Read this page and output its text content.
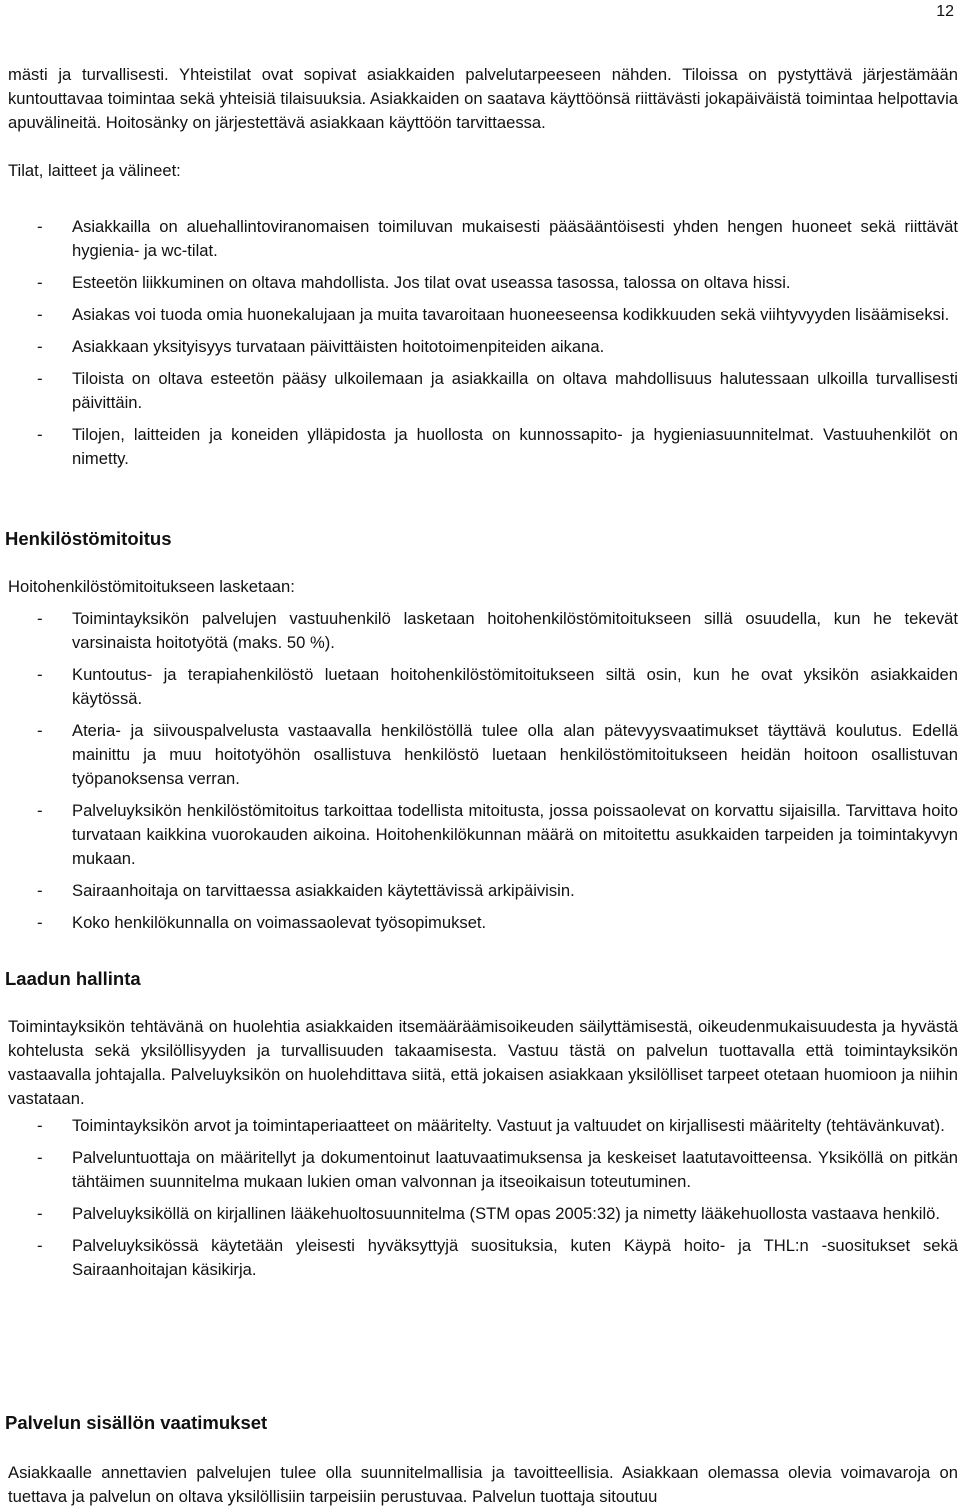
12

mästi ja turvallisesti. Yhteistilat ovat sopivat asiakkaiden palvelutarpeeseen nähden. Tiloissa on pystyttävä järjestämään kuntouttavaa toimintaa sekä yhteisiä tilaisuuksia. Asiakkaiden on saatava käyttöönsä riittävästi jokapäiväistä toimintaa helpottavia apuvälineitä. Hoitosänky on järjestettävä asiakkaan käyttöön tarvittaessa.

Tilat, laitteet ja välineet:
- Asiakkailla on aluehallintoviranomaisen toimiluvan mukaisesti pääsääntöisesti yhden hengen huoneet sekä riittävät hygienia- ja wc-tilat.
- Esteetön liikkuminen on oltava mahdollista. Jos tilat ovat useassa tasossa, talossa on oltava hissi.
- Asiakas voi tuoda omia huonekalujaan ja muita tavaroitaan huoneeseensa kodikkuuden sekä viihtyvyyden lisäämiseksi.
- Asiakkaan yksityisyys turvataan päivittäisten hoitotoimenpiteiden aikana.
- Tiloista on oltava esteetön pääsy ulkoilemaan ja asiakkailla on oltava mahdollisuus halutessaan ulkoilla turvallisesti päivittäin.
- Tilojen, laitteiden ja koneiden ylläpidosta ja huollosta on kunnossapito- ja hygieniasuunnitelmat. Vastuuhenkilöt on nimetty.
Henkilöstömitoitus
Hoitohenkilöstömitoitukseen lasketaan:
- Toimintayksikön palvelujen vastuuhenkilö lasketaan hoitohenkilöstömitoitukseen sillä osuudella, kun he tekevät varsinaista hoitotyötä (maks. 50 %).
- Kuntoutus- ja terapiahenkilöstö luetaan hoitohenkilöstömitoitukseen siltä osin, kun he ovat yksikön asiakkaiden käytössä.
- Ateria- ja siivouspalvelusta vastaavalla henkilöstöllä tulee olla alan pätevyysvaatimukset täyttävä koulutus. Edellä mainittu ja muu hoitotyöhön osallistuva henkilöstö luetaan henkilöstömitoitukseen heidän hoitoon osallistuvan työpanoksensa verran.
- Palveluyksikön henkilöstömitoitus tarkoittaa todellista mitoitusta, jossa poissaolevat on korvattu sijaisilla. Tarvittava hoito turvataan kaikkina vuorokauden aikoina. Hoitohenkilökunnan määrä on mitoitettu asukkaiden tarpeiden ja toimintakyvyn mukaan.
- Sairaanhoitaja on tarvittaessa asiakkaiden käytettävissä arkipäivisin.
- Koko henkilökunnalla on voimassaolevat työsopimukset.
Laadun hallinta

Toimintayksikön tehtävänä on huolehtia asiakkaiden itsemääräämisoikeuden säilyttämisestä, oikeudenmukaisuudesta ja hyvästä kohtelusta sekä yksilöllisyyden ja turvallisuuden takaamisesta. Vastuu tästä on palvelun tuottavalla että toimintayksikön vastaavalla johtajalla. Palveluyksikön on huolehdittava siitä, että jokaisen asiakkaan yksilölliset tarpeet otetaan huomioon ja niihin vastataan.

- Toimintayksikön arvot ja toimintaperiaatteet on määritelty. Vastuut ja valtuudet on kirjallisesti määritelty (tehtävänkuvat).
- Palveluntuottaja on määritellyt ja dokumentoinut laatuvaatimuksensa ja keskeiset laatutavoitteensa. Yksiköllä on pitkän tähtäimen suunnitelma mukaan lukien oman valvonnan ja itseoikaisun toteutuminen.
- Palveluyksiköllä on kirjallinen lääkehuoltosuunnitelma (STM opas 2005:32) ja nimetty lääkehuollosta vastaava henkilö.
- Palveluyksikössä käytetään yleisesti hyväksyttyjä suosituksia, kuten Käypä hoito- ja THL:n -suositukset sekä Sairaanhoitajan käsikirja.
Palvelun sisällön vaatimukset

Asiakkaalle annettavien palvelujen tulee olla suunnitelmallisia ja tavoitteellisia. Asiakkaan olemassa olevia voimavaroja on tuettava ja palvelun on oltava yksilöllisiin tarpeisiin perustuvaa. Palvelun tuottaja sitoutuu
